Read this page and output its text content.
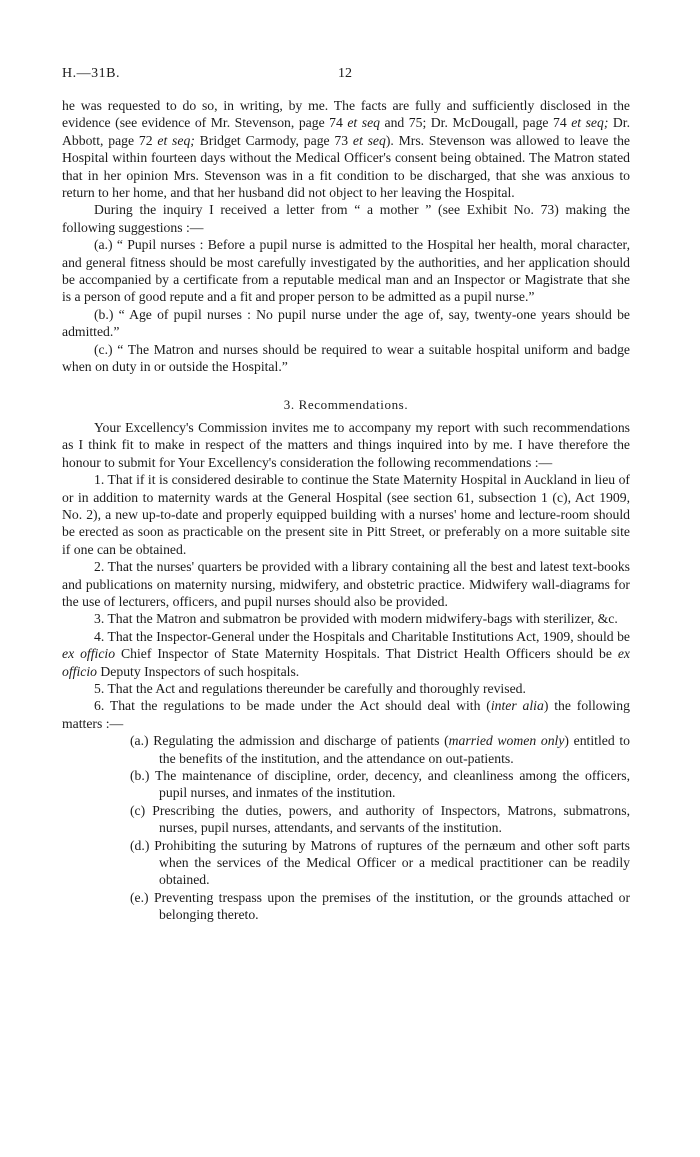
H.—31B.	12

he was requested to do so, in writing, by me. The facts are fully and sufficiently disclosed in the evidence (see evidence of Mr. Stevenson, page 74 et seq and 75; Dr. McDougall, page 74 et seq; Dr. Abbott, page 72 et seq; Bridget Carmody, page 73 et seq). Mrs. Stevenson was allowed to leave the Hospital within fourteen days without the Medical Officer's consent being obtained. The Matron stated that in her opinion Mrs. Stevenson was in a fit condition to be discharged, that she was anxious to return to her home, and that her husband did not object to her leaving the Hospital.

During the inquiry I received a letter from “ a mother ” (see Exhibit No. 73) making the following suggestions :—

(a.) “ Pupil nurses : Before a pupil nurse is admitted to the Hospital her health, moral character, and general fitness should be most carefully investigated by the authorities, and her application should be accompanied by a certificate from a reputable medical man and an Inspector or Magistrate that she is a person of good repute and a fit and proper person to be admitted as a pupil nurse.”

(b.) “ Age of pupil nurses : No pupil nurse under the age of, say, twenty-one years should be admitted.”

(c.) “ The Matron and nurses should be required to wear a suitable hospital uniform and badge when on duty in or outside the Hospital.”

3. Recommendations.

Your Excellency's Commission invites me to accompany my report with such recommendations as I think fit to make in respect of the matters and things inquired into by me. I have therefore the honour to submit for Your Excellency's consideration the following recommendations :—

1. That if it is considered desirable to continue the State Maternity Hospital in Auckland in lieu of or in addition to maternity wards at the General Hospital (see section 61, subsection 1 (c), Act 1909, No. 2), a new up-to-date and properly equipped building with a nurses' home and lecture-room should be erected as soon as practicable on the present site in Pitt Street, or preferably on a more suitable site if one can be obtained.

2. That the nurses' quarters be provided with a library containing all the best and latest text-books and publications on maternity nursing, midwifery, and obstetric practice. Midwifery wall-diagrams for the use of lecturers, officers, and pupil nurses should also be provided.

3. That the Matron and submatron be provided with modern midwifery-bags with sterilizer, &c.

4. That the Inspector-General under the Hospitals and Charitable Institutions Act, 1909, should be ex officio Chief Inspector of State Maternity Hospitals. That District Health Officers should be ex officio Deputy Inspectors of such hospitals.

5. That the Act and regulations thereunder be carefully and thoroughly revised.

6. That the regulations to be made under the Act should deal with (inter alia) the following matters :—

(a.) Regulating the admission and discharge of patients (married women only) entitled to the benefits of the institution, and the attendance on out-patients.

(b.) The maintenance of discipline, order, decency, and cleanliness among the officers, pupil nurses, and inmates of the institution.

(c) Prescribing the duties, powers, and authority of Inspectors, Matrons, submatrons, nurses, pupil nurses, attendants, and servants of the institution.

(d.) Prohibiting the suturing by Matrons of ruptures of the pernæum and other soft parts when the services of the Medical Officer or a medical practitioner can be readily obtained.

(e.) Preventing trespass upon the premises of the institution, or the grounds attached or belonging thereto.
